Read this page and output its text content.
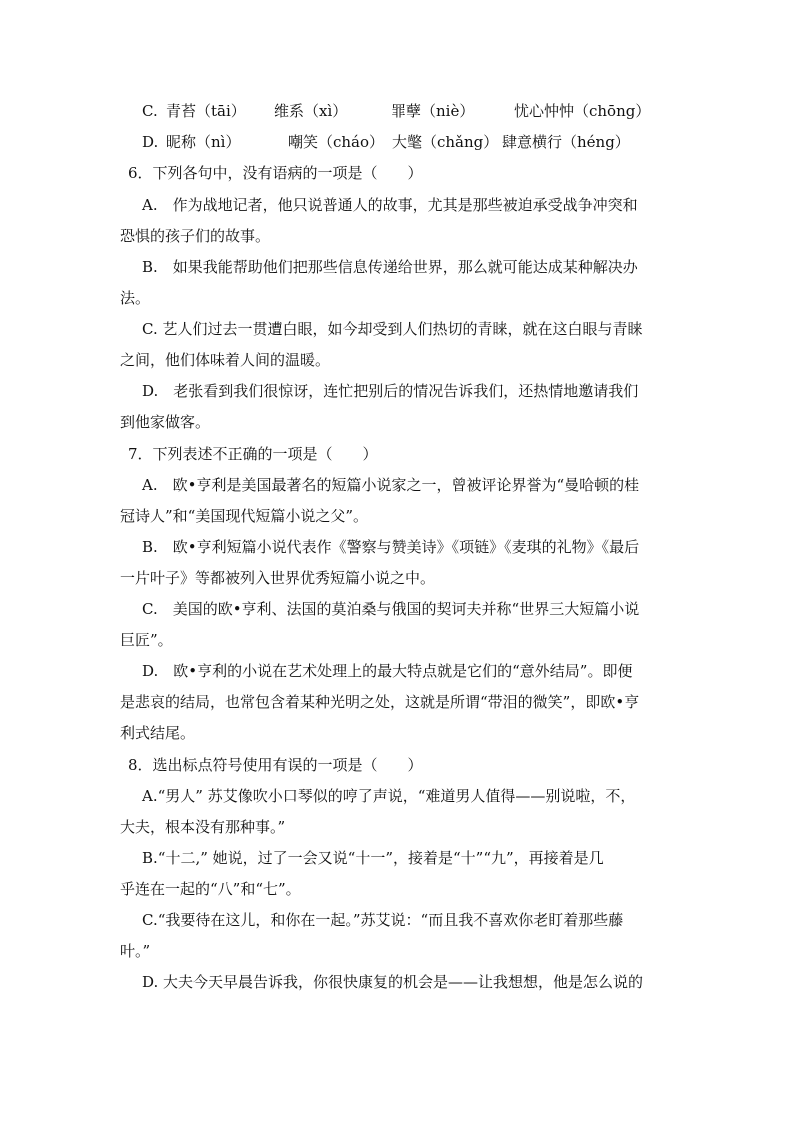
C. 青苔（tāi） 维系（xì）	罪孽（niè）	忧心忡忡（chōng）
D. 昵称（nì）	嘲笑（cháo） 大氅（chǎng） 肆意横行（héng）
6．下列各句中，没有语病的一项是（　　）
A.　作为战地记者，他只说普通人的故事，尤其是那些被迫承受战争冲突和
恐惧的孩子们的故事。
B.　如果我能帮助他们把那些信息传递给世界，那么就可能达成某种解决办
法。
C. 艺人们过去一贯遭白眼，如今却受到人们热切的青睐，就在这白眼与青睐
之间，他们体味着人间的温暖。
D.　老张看到我们很惊讶，连忙把别后的情况告诉我们，还热情地邀请我们
到他家做客。
7．下列表述不正确的一项是（　　）
A.　欧•亨利是美国最著名的短篇小说家之一，曾被评论界誉为“曼哈顿的桂
冠诗人”和“美国现代短篇小说之父”。
B.　欧•亨利短篇小说代表作《警察与赞美诗》《项链》《麦琪的礼物》《最后
一片叶子》等都被列入世界优秀短篇小说之中。
C.　美国的欧•亨利、法国的莫泊桑与俄国的契诃夫并称“世界三大短篇小说
巨匠”。
D.　欧•亨利的小说在艺术处理上的最大特点就是它们的“意外结局”。即便
是悲哀的结局，也常包含着某种光明之处，这就是所谓“带泪的微笑”，即欧•亨
利式结尾。
8．选出标点符号使用有误的一项是（　　）
A.“男人” 苏艾像吹小口琴似的哼了声说，“难道男人值得——别说啦，不，
大夫，根本没有那种事。”
B.“十二,” 她说，过了一会又说“十一”，接着是“十”“九”，再接着是几
乎连在一起的“八”和“七”。
C.“我要待在这儿，和你在一起。”苏艾说：“而且我不喜欢你老盯着那些藤
叶。”
D. 大夫今天早晨告诉我，你很快康复的机会是——让我想想，他是怎么说的
